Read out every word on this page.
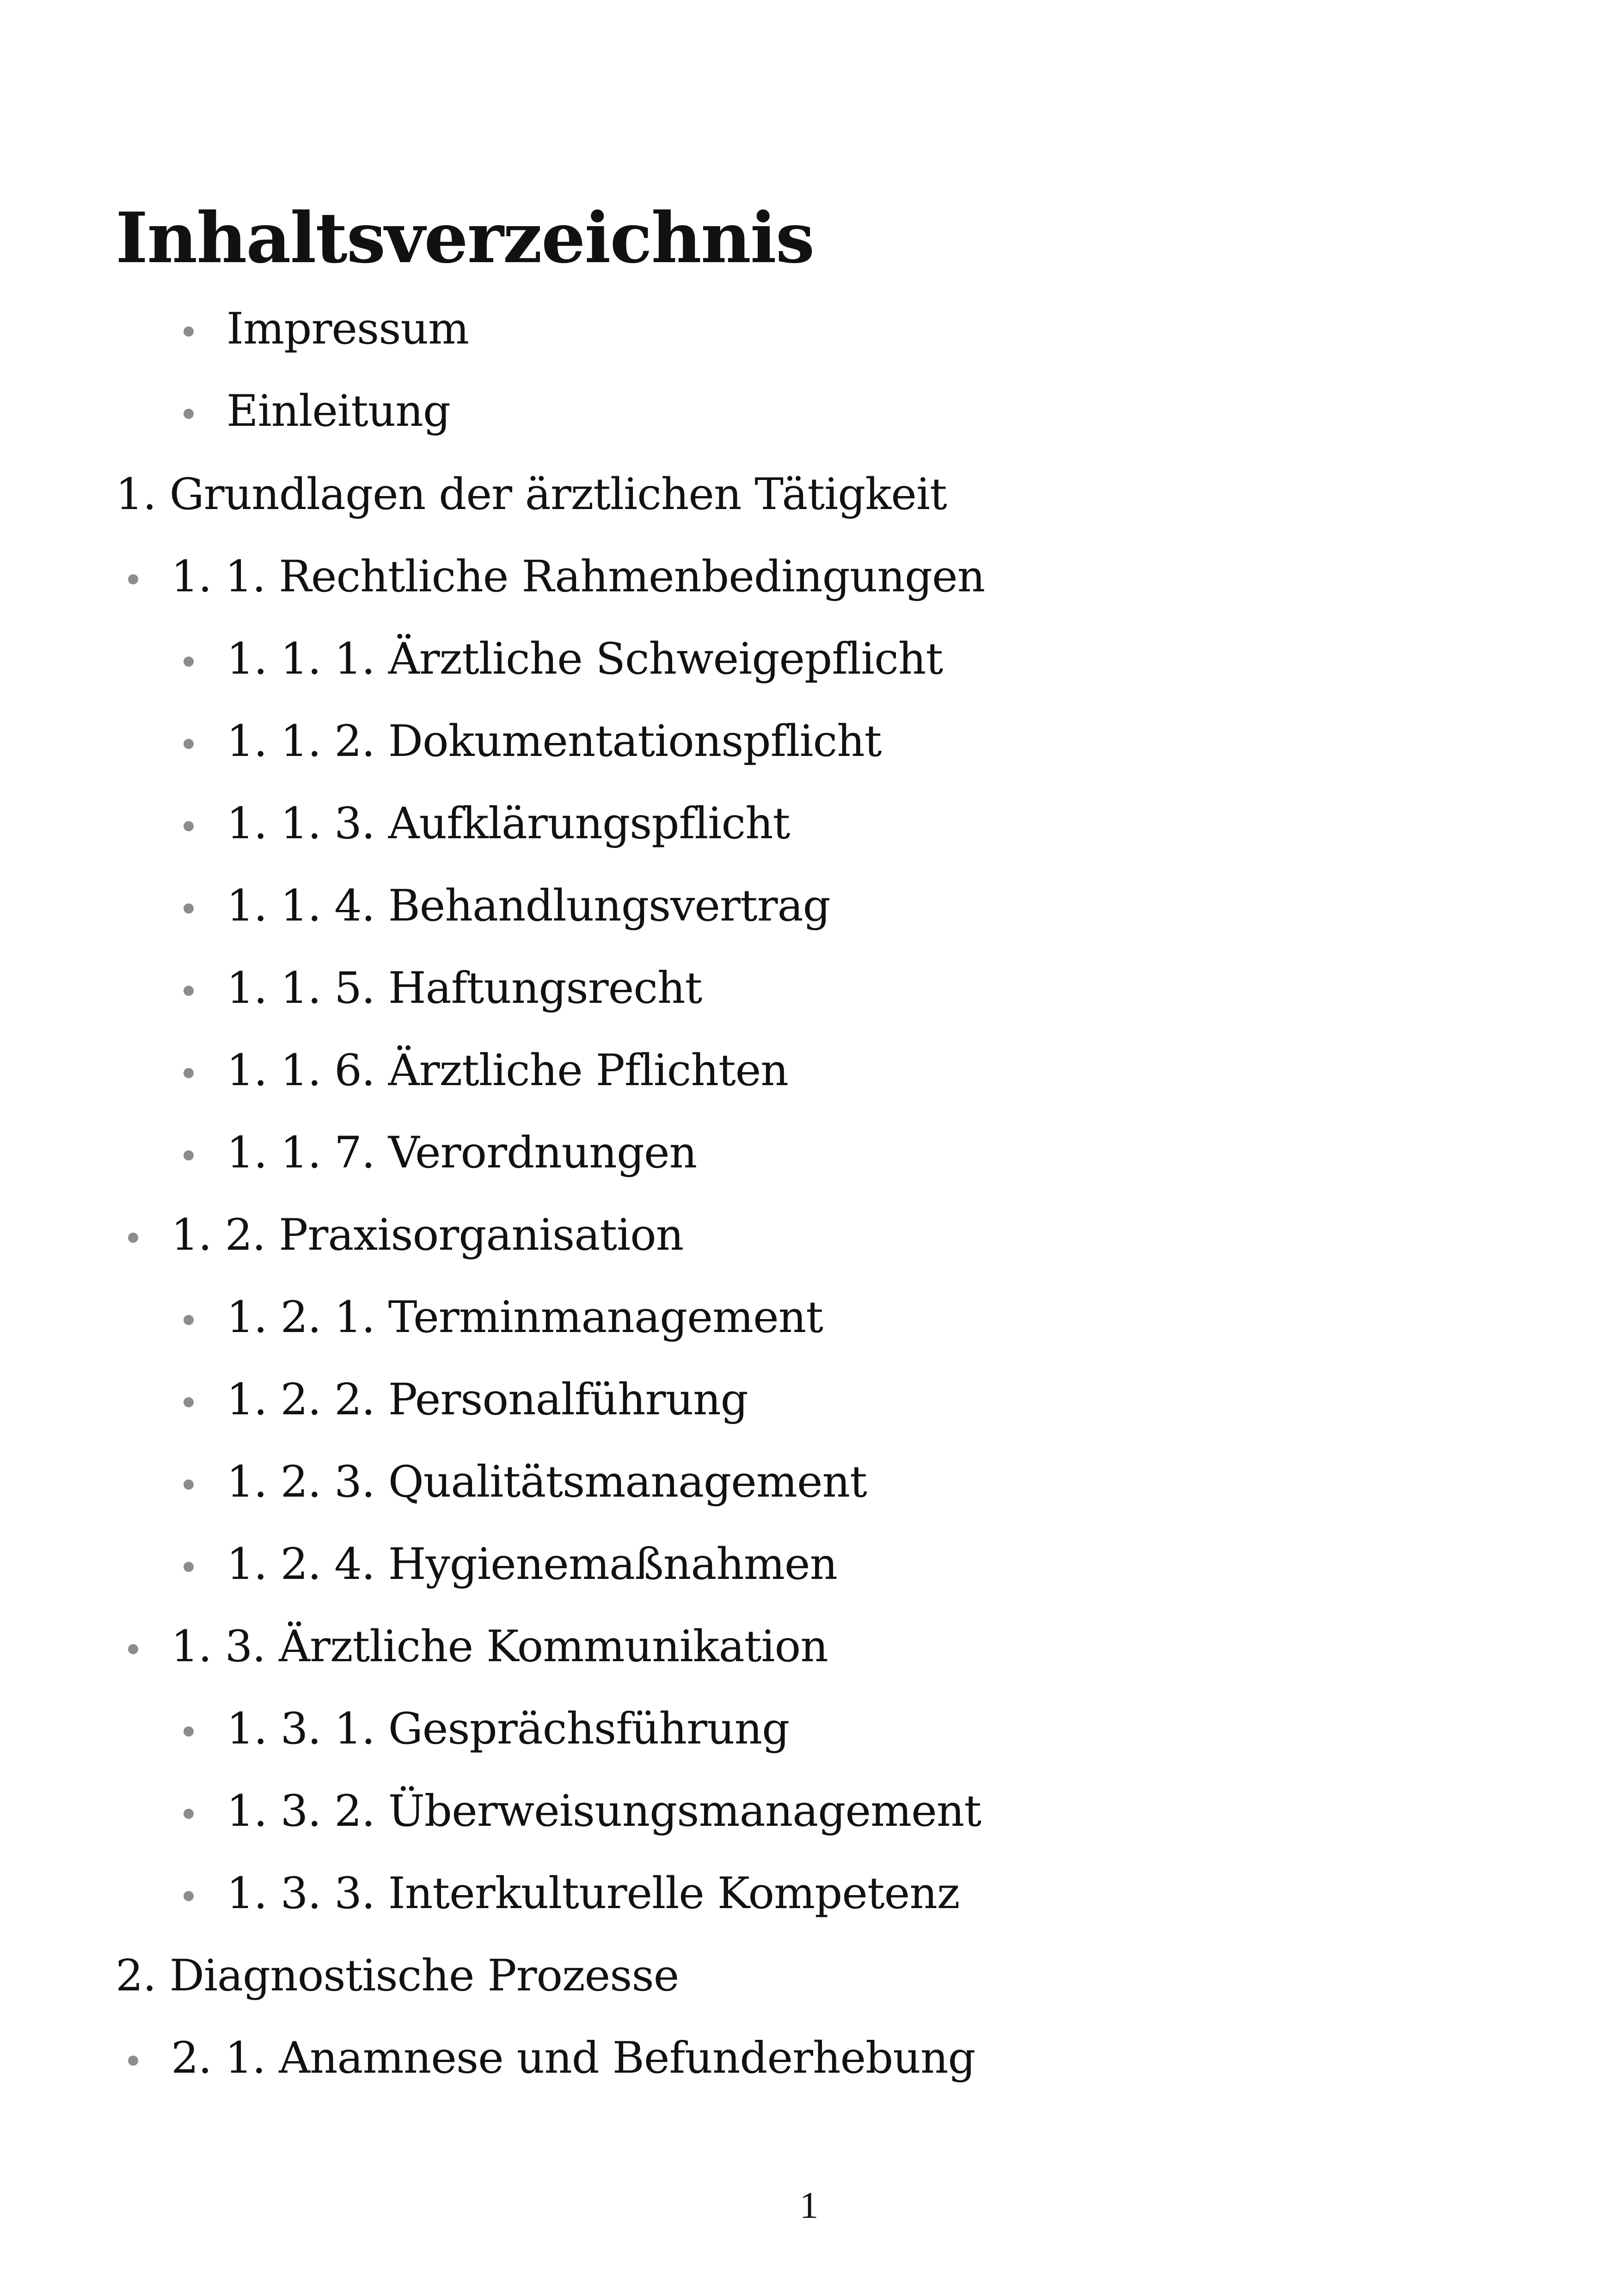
Inhaltsverzeichnis
Impressum
Einleitung
1. Grundlagen der ärztlichen Tätigkeit
1. 1. Rechtliche Rahmenbedingungen
1. 1. 1. Ärztliche Schweigepflicht
1. 1. 2. Dokumentationspflicht
1. 1. 3. Aufklärungspflicht
1. 1. 4. Behandlungsvertrag
1. 1. 5. Haftungsrecht
1. 1. 6. Ärztliche Pflichten
1. 1. 7. Verordnungen
1. 2. Praxisorganisation
1. 2. 1. Terminmanagement
1. 2. 2. Personalführung
1. 2. 3. Qualitätsmanagement
1. 2. 4. Hygienemaßnahmen
1. 3. Ärztliche Kommunikation
1. 3. 1. Gesprächsführung
1. 3. 2. Überweisungsmanagement
1. 3. 3. Interkulturelle Kompetenz
2. Diagnostische Prozesse
2. 1. Anamnese und Befunderhebung
1
